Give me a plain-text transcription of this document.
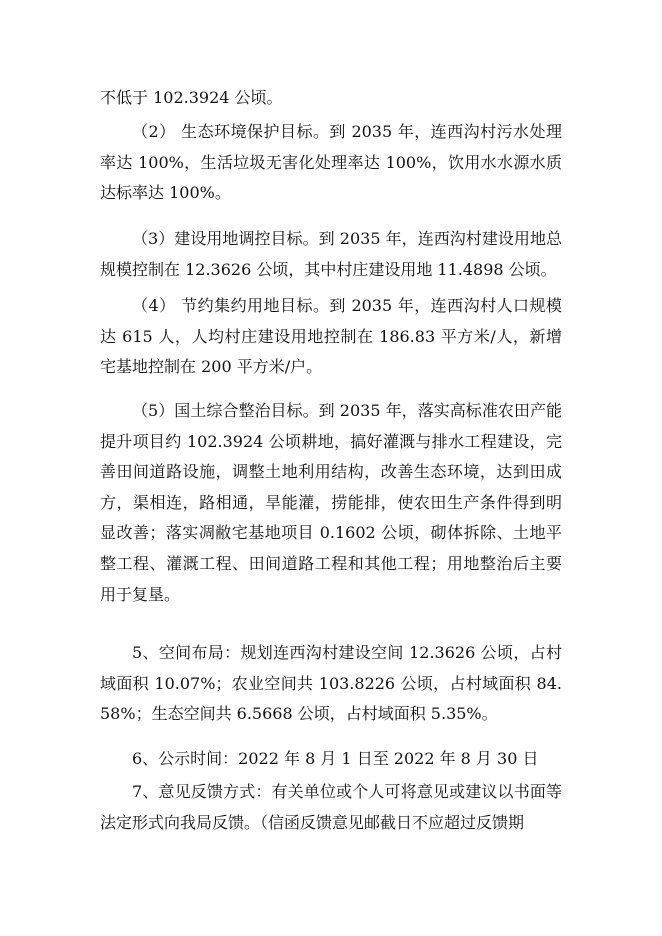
不低于 102.3924 公顷。

（2） 生态环境保护目标。到 2035 年，连西沟村污水处理率达 100%，生活垃圾无害化处理率达 100%，饮用水水源水质达标率达 100%。

（3）建设用地调控目标。到 2035 年，连西沟村建设用地总规模控制在 12.3626 公顷，其中村庄建设用地 11.4898 公顷。

（4） 节约集约用地目标。到 2035 年，连西沟村人口规模达 615 人，人均村庄建设用地控制在 186.83 平方米/人，新增宅基地控制在 200 平方米/户。

（5）国土综合整治目标。到 2035 年，落实高标准农田产能提升项目约 102.3924 公顷耕地，搞好灌溉与排水工程建设，完善田间道路设施，调整土地利用结构，改善生态环境，达到田成方，渠相连，路相通，旱能灌，捞能排，使农田生产条件得到明显改善；落实凋敝宅基地项目 0.1602 公顷，砌体拆除、土地平整工程、灌溉工程、田间道路工程和其他工程；用地整治后主要用于复垦。

5、空间布局：规划连西沟村建设空间 12.3626 公顷，占村域面积 10.07%；农业空间共 103.8226 公顷，占村域面积 84.58%；生态空间共 6.5668 公顷，占村域面积 5.35%。

6、公示时间：2022 年 8 月 1 日至 2022 年 8 月 30 日

7、意见反馈方式：有关单位或个人可将意见或建议以书面等法定形式向我局反馈。（信函反馈意见邮截日不应超过反馈期
